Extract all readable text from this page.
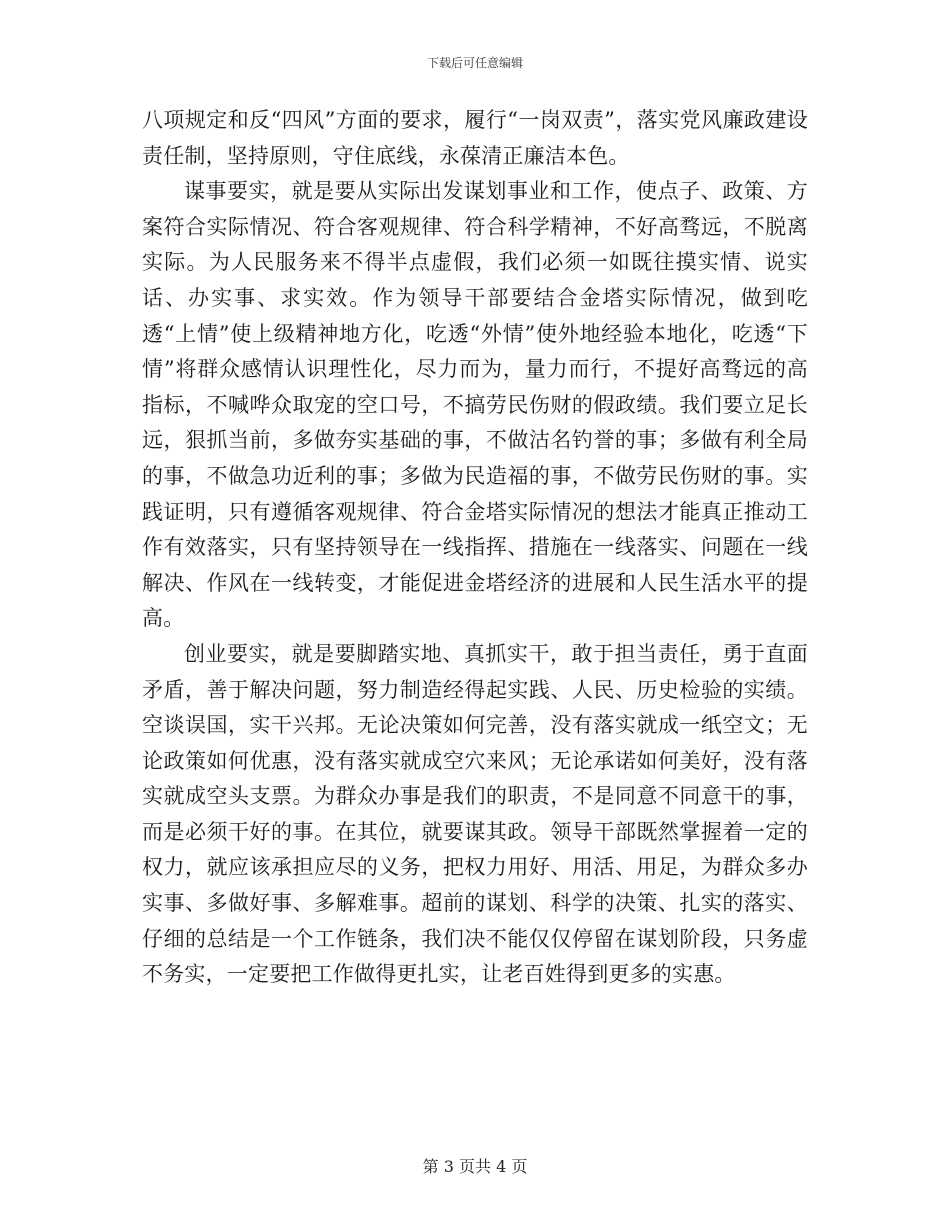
下载后可任意编辑

八项规定和反“四风”方面的要求，履行“一岗双责”，落实党风廉政建设责任制，坚持原则，守住底线，永葆清正廉洁本色。

谋事要实，就是要从实际出发谋划事业和工作，使点子、政策、方案符合实际情况、符合客观规律、符合科学精神，不好高骛远，不脱离实际。为人民服务来不得半点虚假，我们必须一如既往摸实情、说实话、办实事、求实效。作为领导干部要结合金塔实际情况，做到吃透“上情”使上级精神地方化，吃透“外情”使外地经验本地化，吃透“下情”将群众感情认识理性化，尽力而为，量力而行，不提好高骛远的高指标，不喊哗众取宠的空口号，不搞劳民伤财的假政绩。我们要立足长远，狠抓当前，多做夯实基础的事，不做沽名钓誉的事；多做有利全局的事，不做急功近利的事；多做为民造福的事，不做劳民伤财的事。实践证明，只有遵循客观规律、符合金塔实际情况的想法才能真正推动工作有效落实，只有坚持领导在一线指挥、措施在一线落实、问题在一线解决、作风在一线转变，才能促进金塔经济的进展和人民生活水平的提高。

创业要实，就是要脚踏实地、真抓实干，敢于担当责任，勇于直面矛盾，善于解决问题，努力制造经得起实践、人民、历史检验的实绩。空谈误国，实干兴邦。无论决策如何完善，没有落实就成一纸空文；无论政策如何优惠，没有落实就成空穴来风；无论承诺如何美好，没有落实就成空头支票。为群众办事是我们的职责，不是同意不同意干的事，而是必须干好的事。在其位，就要谋其政。领导干部既然掌握着一定的权力，就应该承担应尽的义务，把权力用好、用活、用足，为群众多办实事、多做好事、多解难事。超前的谋划、科学的决策、扎实的落实、仔细的总结是一个工作链条，我们决不能仅仅停留在谋划阶段，只务虚不务实，一定要把工作做得更扎实，让老百姓得到更多的实惠。

第 3 页共 4 页
